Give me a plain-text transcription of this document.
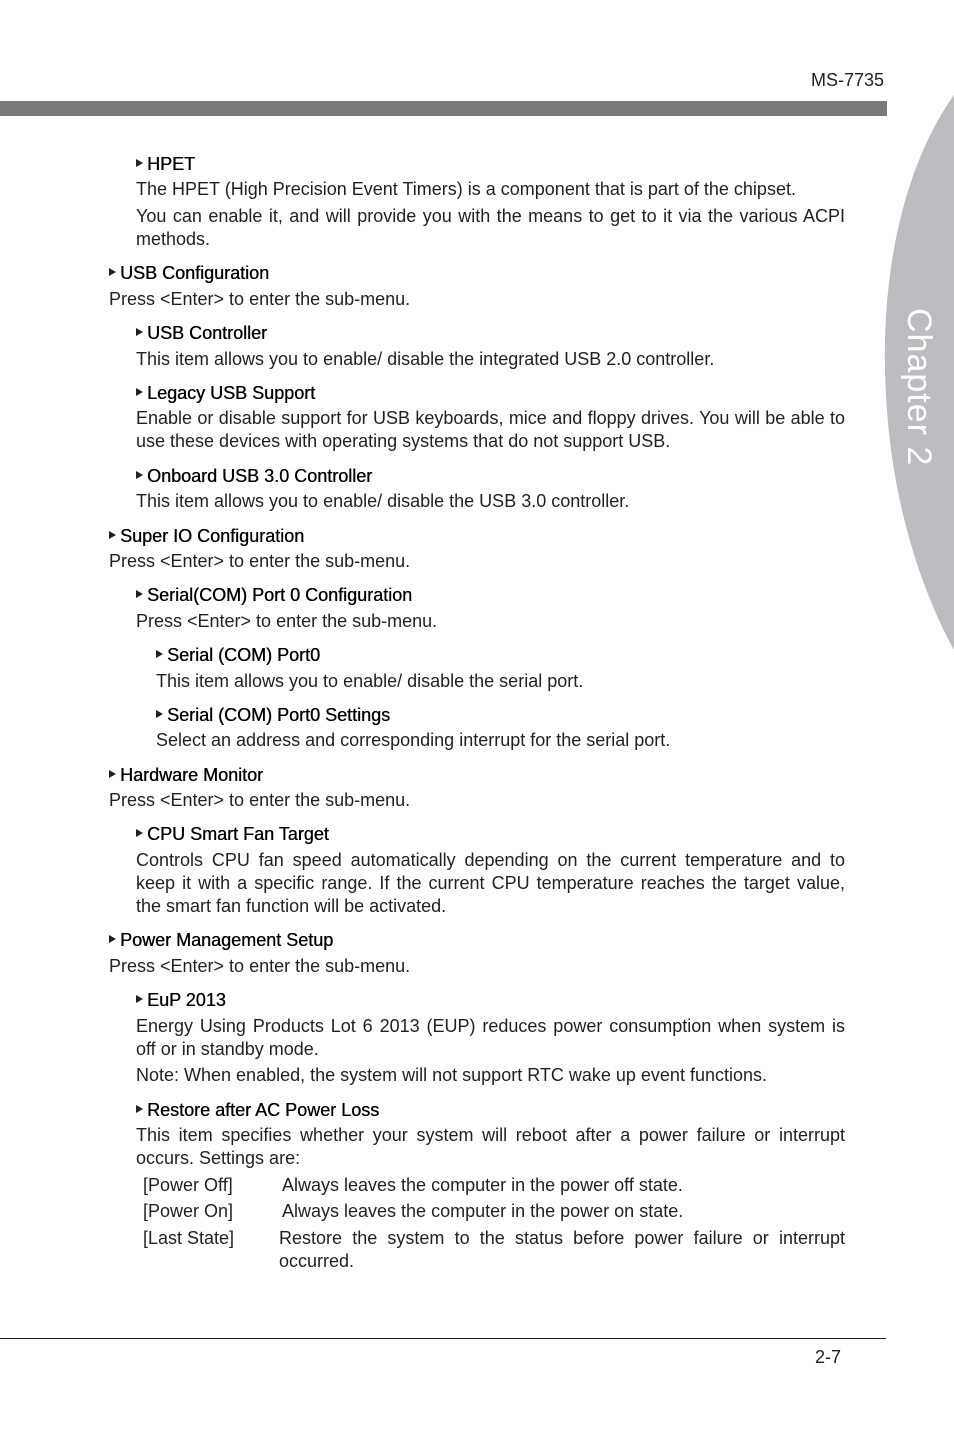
MS-7735
Chapter 2
HPET
The HPET (High Precision Event Timers) is a component that is part of the chipset.
You can enable it, and will provide you with the means to get to it via the various ACPI methods.
USB Configuration
Press <Enter> to enter the sub-menu.
USB Controller
This item allows you to enable/ disable the integrated USB 2.0 controller.
Legacy USB Support
Enable or disable support for USB keyboards, mice and floppy drives. You will be able to use these devices with operating systems that do not support USB.
Onboard USB 3.0 Controller
This item allows you to enable/ disable the USB 3.0 controller.
Super IO Configuration
Press <Enter> to enter the sub-menu.
Serial(COM) Port 0 Configuration
Press <Enter> to enter the sub-menu.
Serial (COM) Port0
This item allows you to enable/ disable the serial port.
Serial (COM) Port0 Settings
Select an address and corresponding interrupt for the serial port.
Hardware Monitor
Press <Enter> to enter the sub-menu.
CPU Smart Fan Target
Controls CPU fan speed automatically depending on the current temperature and to keep it with a specific range. If the current CPU temperature reaches the target value, the smart fan function will be activated.
Power Management Setup
Press <Enter> to enter the sub-menu.
EuP 2013
Energy Using Products Lot 6 2013 (EUP) reduces power consumption when system is off or in standby mode.
Note: When enabled, the system will not support RTC wake up event functions.
Restore after AC Power Loss
This item specifies whether your system will reboot after a power failure or interrupt occurs. Settings are:
[Power Off]	Always leaves the computer in the power off state.
[Power On]	Always leaves the computer in the power on state.
[Last State] Restore the system to the status before power failure or interrupt occurred.
2-7
